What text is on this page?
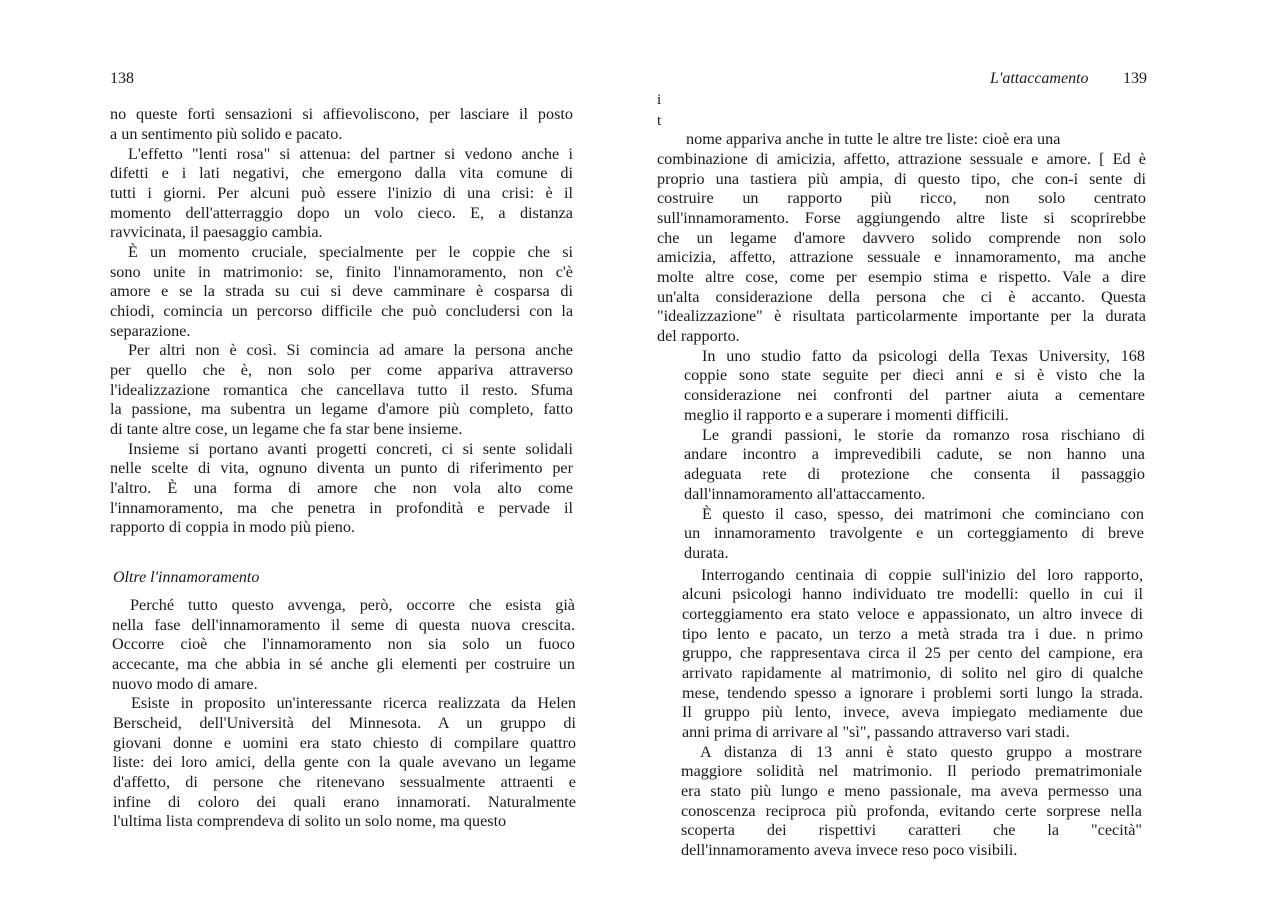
138
no queste forti sensazioni si affievoliscono, per lasciare il posto
a un sentimento più solido e pacato.
L'effetto "lenti rosa" si attenua: del partner si vedono anche i
difetti e i lati negativi, che emergono dalla vita comune di
tutti i giorni. Per alcuni può essere l'inizio di una crisi: è il
momento dell'atterraggio dopo un volo cieco. E, a distanza
ravvicinata, il paesaggio cambia.
È un momento cruciale, specialmente per le coppie che si
sono unite in matrimonio: se, finito l'innamoramento, non c'è
amore e se la strada su cui si deve camminare è cosparsa di
chiodi, comincia un percorso difficile che può concludersi con la
separazione.
Per altri non è così. Si comincia ad amare la persona anche
per quello che è, non solo per come appariva attraverso
l'idealizzazione romantica che cancellava tutto il resto. Sfuma
la passione, ma subentra un legame d'amore più completo, fatto
di tante altre cose, un legame che fa star bene insieme.
Insieme si portano avanti progetti concreti, ci si sente solidali
nelle scelte di vita, ognuno diventa un punto di riferimento per
l'altro. È una forma di amore che non vola alto come
l'innamoramento, ma che penetra in profondità e pervade il
rapporto di coppia in modo più pieno.
Oltre l'innamoramento
Perché tutto questo avvenga, però, occorre che esista già
nella fase dell'innamoramento il seme di questa nuova crescita.
Occorre cioè che l'innamoramento non sia solo un fuoco
accecante, ma che abbia in sé anche gli elementi per costruire un
nuovo modo di amare.
Esiste in proposito un'interessante ricerca realizzata da Helen
Berscheid, dell'Università del Minnesota. A un gruppo di
giovani donne e uomini era stato chiesto di compilare quattro
liste: dei loro amici, della gente con la quale avevano un legame
d'affetto, di persone che ritenevano sessualmente attraenti e
infine di coloro dei quali erano innamorati. Naturalmente
l'ultima lista comprendeva di solito un solo nome, ma questo
L'attaccamento 139
i
t
nome appariva anche in tutte le altre tre liste: cioè era una
combinazione di amicizia, affetto, attrazione sessuale e amore. [ Ed è
proprio una tastiera più ampia, di questo tipo, che con-i sente di
costruire un rapporto più ricco, non solo centrato
sull'innamoramento. Forse aggiungendo altre liste si scoprirebbe
che un legame d'amore davvero solido comprende non solo
amicizia, affetto, attrazione sessuale e innamoramento, ma anche
molte altre cose, come per esempio stima e rispetto. Vale a dire
un'alta considerazione della persona che ci è accanto. Questa
"idealizzazione" è risultata particolarmente importante per la durata
del rapporto.
In uno studio fatto da psicologi della Texas University, 168
coppie sono state seguite per dieci anni e si è visto che la
considerazione nei confronti del partner aiuta a cementare
meglio il rapporto e a superare i momenti difficili.
Le grandi passioni, le storie da romanzo rosa rischiano di
andare incontro a imprevedibili cadute, se non hanno una
adeguata rete di protezione che consenta il passaggio
dall'innamoramento all'attaccamento.
È questo il caso, spesso, dei matrimoni che cominciano con
un innamoramento travolgente e un corteggiamento di breve
durata.
Interrogando centinaia di coppie sull'inizio del loro rapporto,
alcuni psicologi hanno individuato tre modelli: quello in cui il
corteggiamento era stato veloce e appassionato, un altro invece di
tipo lento e pacato, un terzo a metà strada tra i due. n primo
gruppo, che rappresentava circa il 25 per cento del campione, era
arrivato rapidamente al matrimonio, di solito nel giro di qualche
mese, tendendo spesso a ignorare i problemi sorti lungo la strada.
Il gruppo più lento, invece, aveva impiegato mediamente due
anni prima di arrivare al "sì", passando attraverso vari stadi.
A distanza di 13 anni è stato questo gruppo a mostrare
maggiore solidità nel matrimonio. Il periodo prematrimoniale
era stato più lungo e meno passionale, ma aveva permesso una
conoscenza reciproca più profonda, evitando certe sorprese nella
scoperta dei rispettivi caratteri che la "cecità"
dell'innamoramento aveva invece reso poco visibili.
